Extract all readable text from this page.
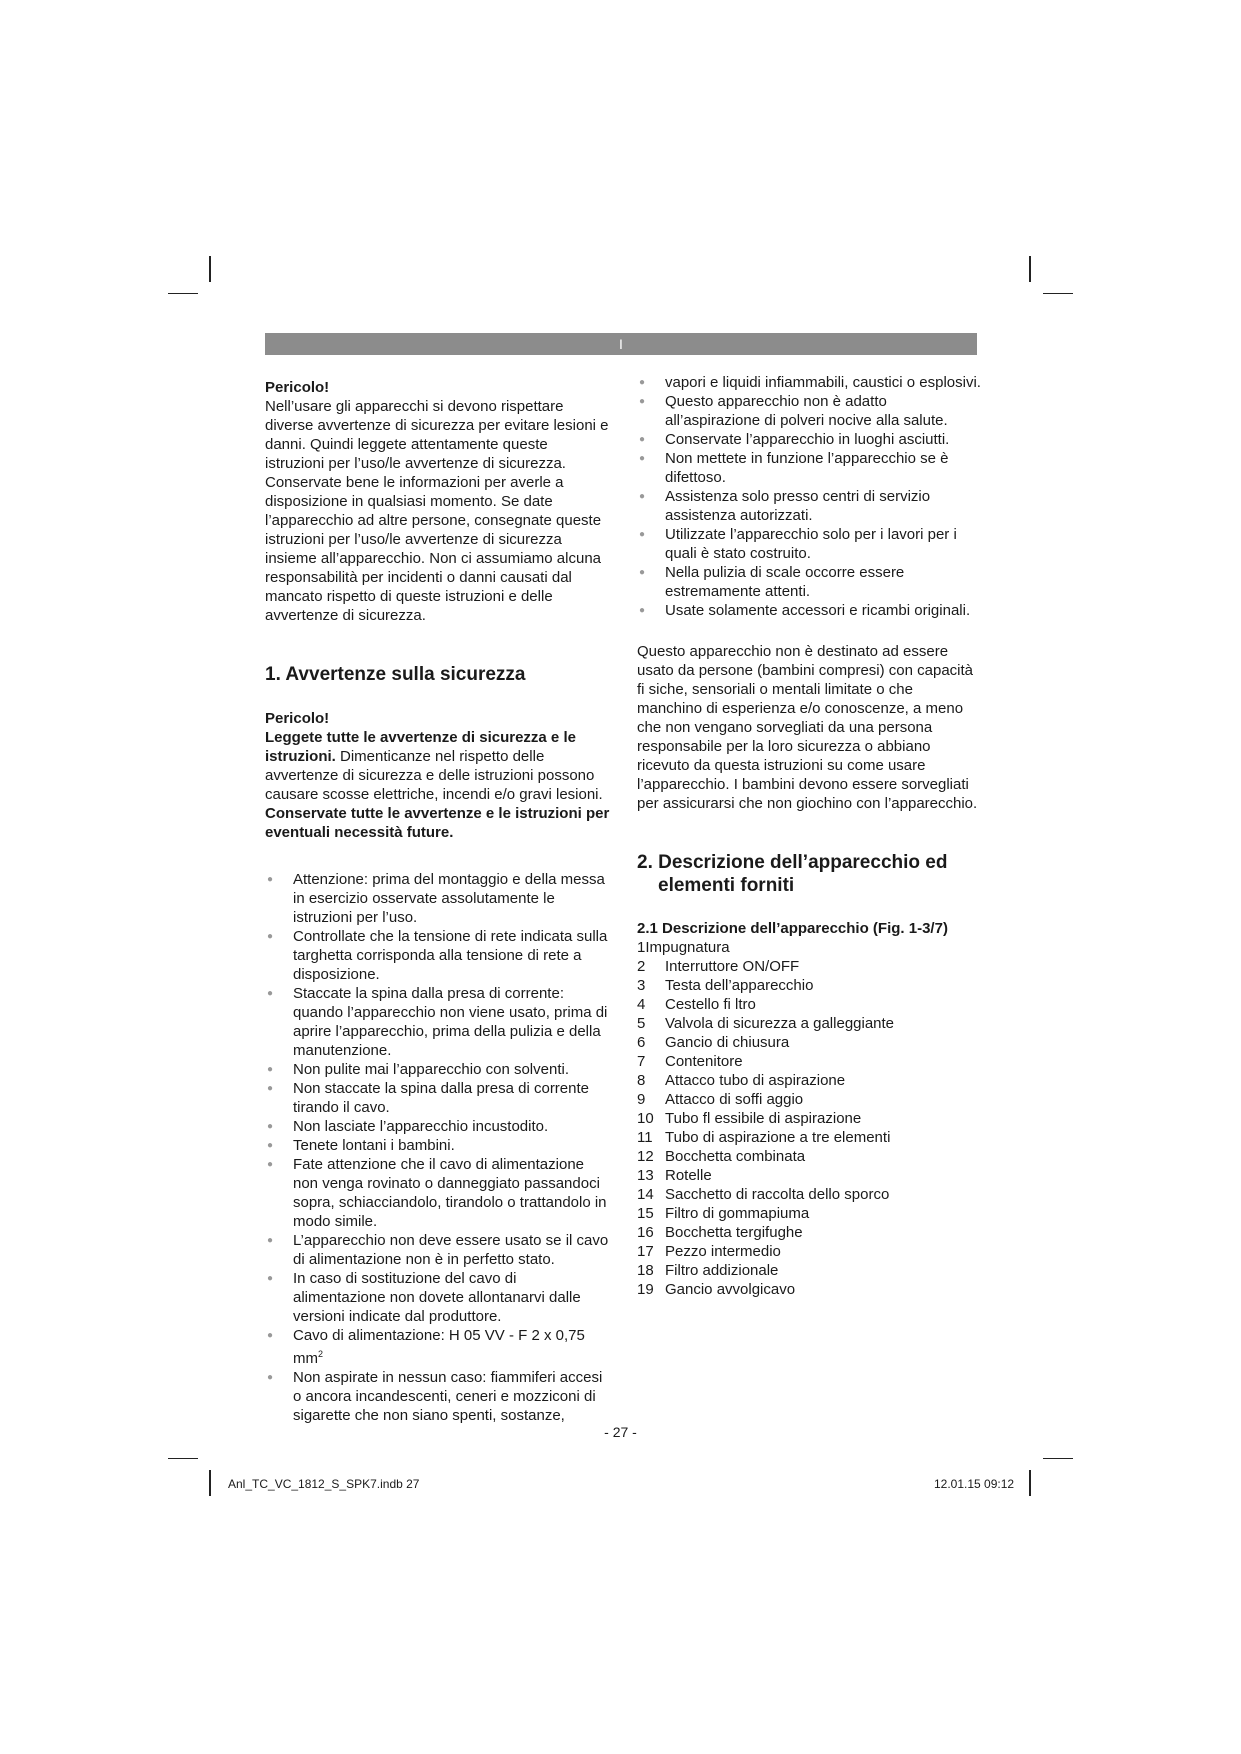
I

Pericolo!

Nell’usare gli apparecchi si devono rispettare diverse avvertenze di sicurezza per evitare lesioni e danni. Quindi leggete attentamente queste istruzioni per l’uso/le avvertenze di sicurezza. Conservate bene le informazioni per averle a disposizione in qualsiasi momento. Se date l’apparecchio ad altre persone, consegnate queste istruzioni per l’uso/le avvertenze di sicurezza insieme all’apparecchio. Non ci assumiamo alcuna responsabilità per incidenti o danni causati dal mancato rispetto di queste istruzioni e delle avvertenze di sicurezza.

1. Avvertenze sulla sicurezza

Pericolo!

Leggete tutte le avvertenze di sicurezza e le istruzioni. Dimenticanze nel rispetto delle avvertenze di sicurezza e delle istruzioni possono causare scosse elettriche, incendi e/o gravi lesioni.

Conservate tutte le avvertenze e le istruzioni per eventuali necessità future.

● Attenzione: prima del montaggio e della messa in esercizio osservate assolutamente le istruzioni per l’uso.
● Controllate che la tensione di rete indicata sulla targhetta corrisponda alla tensione di rete a disposizione.
● Staccate la spina dalla presa di corrente: quando l’apparecchio non viene usato, prima di aprire l’apparecchio, prima della pulizia e della manutenzione.
● Non pulite mai l’apparecchio con solventi.
● Non staccate la spina dalla presa di corrente tirando il cavo.
● Non lasciate l’apparecchio incustodito.
● Tenete lontani i bambini.
● Fate attenzione che il cavo di alimentazione non venga rovinato o danneggiato passandoci sopra, schiacciandolo, tirandolo o trattandolo in modo simile.
● L’apparecchio non deve essere usato se il cavo di alimentazione non è in perfetto stato.
● In caso di sostituzione del cavo di alimentazione non dovete allontanarvi dalle versioni indicate dal produttore.
● Cavo di alimentazione: H 05 VV - F 2 x 0,75 $mm^2$
● Non aspirate in nessun caso: fiammiferi accesi o ancora incandescenti, ceneri e mozziconi di sigarette che non siano spenti, sostanze,
● vapori e liquidi infiammabili, caustici o esplosivi.
● Questo apparecchio non è adatto all’aspirazione di polveri nocive alla salute.
● Conservate l’apparecchio in luoghi asciutti.
● Non mettete in funzione l’apparecchio se è difettoso.
● Assistenza solo presso centri di servizio assistenza autorizzati.
● Utilizzate l’apparecchio solo per i lavori per i quali è stato costruito.
● Nella pulizia di scale occorre essere estremamente attenti.
● Usate solamente accessori e ricambi originali.

Questo apparecchio non è destinato ad essere usato da persone (bambini compresi) con capacità fi siche, sensoriali o mentali limitate o che manchino di esperienza e/o conoscenze, a meno che non vengano sorvegliati da una persona responsabile per la loro sicurezza o abbiano ricevuto da questa istruzioni su come usare l’apparecchio. I bambini devono essere sorvegliati per assicurarsi che non giochino con l’apparecchio.

2. Descrizione dell’apparecchio ed elementi forniti
2.1 Descrizione dell’apparecchio (Fig. 1-3/7)

1Impugnatura

2	Interruttore ON/OFF
3	Testa dell’apparecchio
4	Cestello fi ltro
5	Valvola di sicurezza a galleggiante
6	Gancio di chiusura
7	Contenitore
8	Attacco tubo di aspirazione
9	Attacco di soffi aggio
10 Tubo fl essibile di aspirazione
11 Tubo di aspirazione a tre elementi
12 Bocchetta combinata
13 Rotelle
14 Sacchetto di raccolta dello sporco
15 Filtro di gommapiuma
16 Bocchetta tergifughe
17 Pezzo intermedio
18 Filtro addizionale
19 Gancio avvolgicavo
- 27 -
Anl_TC_VC_1812_S_SPK7.indb 27	12.01.15 09:12
